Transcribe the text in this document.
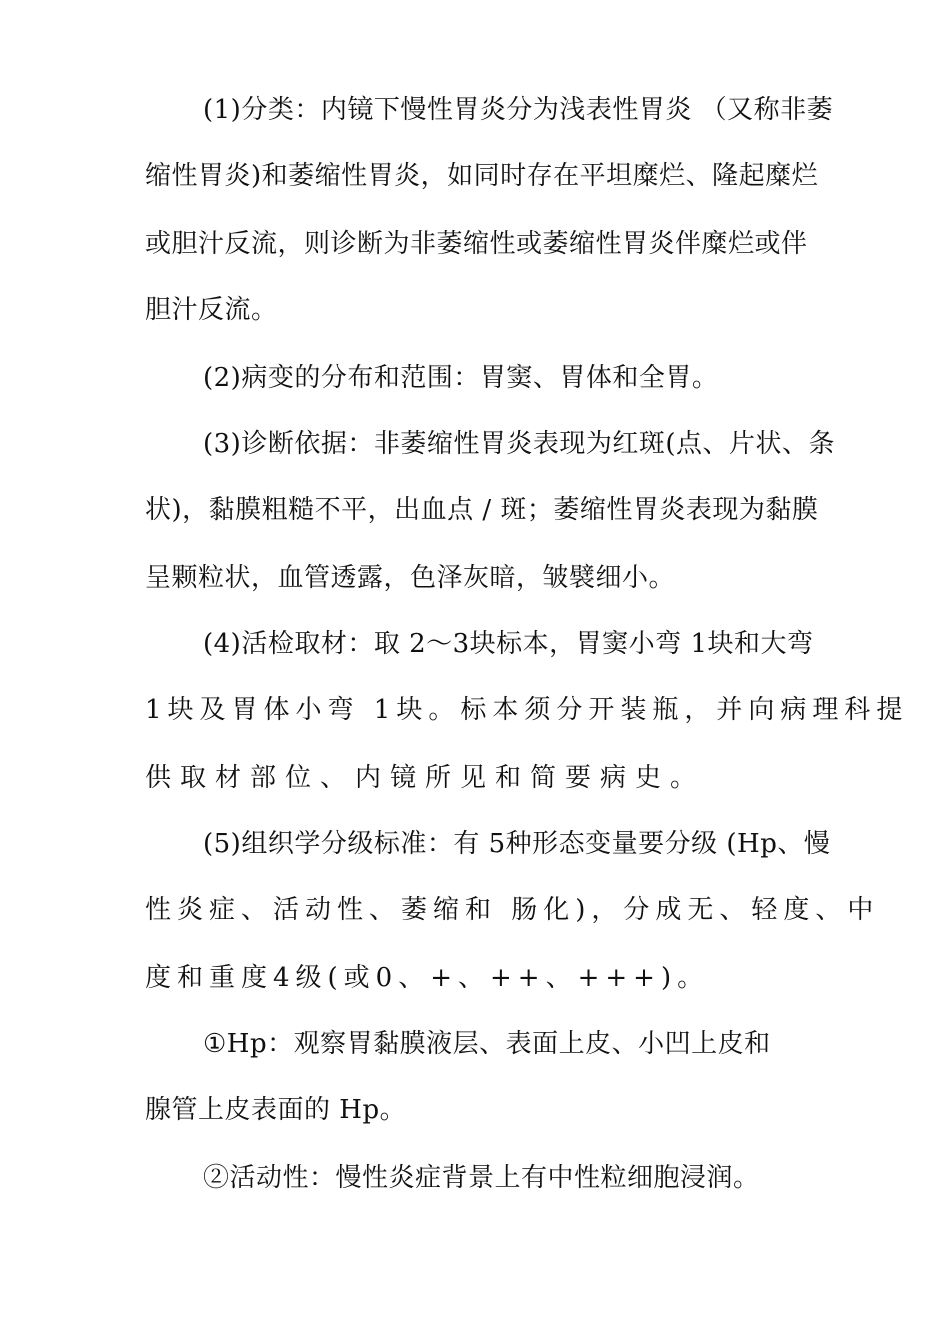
(1)分类：内镜下慢性胃炎分为浅表性胃炎 （又称非萎
缩性胃炎)和萎缩性胃炎，如同时存在平坦糜烂、隆起糜烂
或胆汁反流，则诊断为非萎缩性或萎缩性胃炎伴糜烂或伴
胆汁反流。
(2)病变的分布和范围：胃窦、胃体和全胃。
(3)诊断依据：非萎缩性胃炎表现为红斑(点、片状、条
状)，黏膜粗糙不平，出血点 / 斑；萎缩性胃炎表现为黏膜
呈颗粒状，血管透露，色泽灰暗，皱襞细小。
(4)活检取材：取 2～3块标本，胃窦小弯 1块和大弯
1块及胃体小弯 1块。标本须分开装瓶，并向病理科提
供取材部位、内镜所见和简要病史。
(5)组织学分级标准：有 5种形态变量要分级 (Hp、慢
性炎症、活动性、萎缩和 肠化)，分成无、轻度、中
度和重度4级(或0、+、++、+++)。
①Hp：观察胃黏膜液层、表面上皮、小凹上皮和
腺管上皮表面的 Hp。
②活动性：慢性炎症背景上有中性粒细胞浸润。
